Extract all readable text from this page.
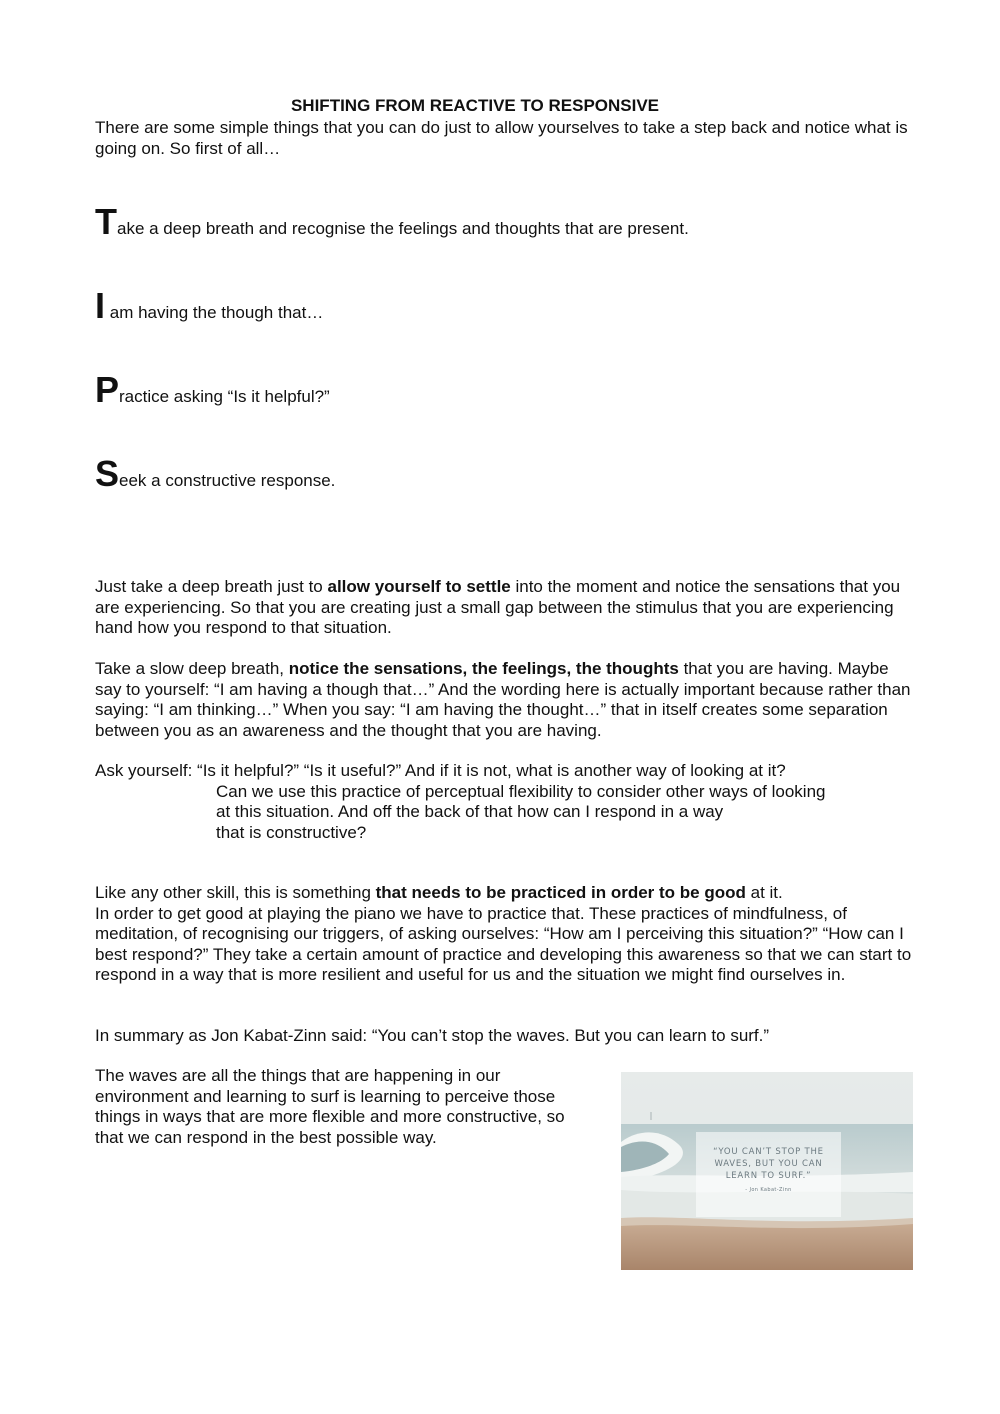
SHIFTING FROM REACTIVE TO RESPONSIVE
There are some simple things that you can do just to allow yourselves to take a step back and notice what is going on. So first of all…
Take a deep breath and recognise the feelings and thoughts that are present.
I am having the though that…
Practice asking “Is it helpful?”
Seek a constructive response.
Just take a deep breath just to allow yourself to settle into the moment and notice the sensations that you are experiencing. So that you are creating just a small gap between the stimulus that you are experiencing hand how you respond to that situation.
Take a slow deep breath, notice the sensations, the feelings, the thoughts that you are having. Maybe say to yourself: “I am having a though that…” And the wording here is actually important because rather than saying: “I am thinking…” When you say: “I am having the thought…” that in itself creates some separation between you as an awareness and the thought that you are having.
Ask yourself: “Is it helpful?” “Is it useful?” And if it is not, what is another way of looking at it?
Can we use this practice of perceptual flexibility to consider other ways of looking
at this situation. And off the back of that how can I respond in a way
that is constructive?
Like any other skill, this is something that needs to be practiced in order to be good at it.
In order to get good at playing the piano we have to practice that. These practices of mindfulness, of meditation, of recognising our triggers, of asking ourselves: “How am I perceiving this situation?” “How can I best respond?” They take a certain amount of practice and developing this awareness so that we can start to respond in a way that is more resilient and useful for us and the situation we might find ourselves in.
In summary as Jon Kabat-Zinn said: “You can’t stop the waves. But you can learn to surf.”
The waves are all the things that are happening in our environment and learning to surf is learning to perceive those things in ways that are more flexible and more constructive, so that we can respond in the best possible way.
“YOU CAN’T STOP THE WAVES, BUT YOU CAN LEARN TO SURF.”
- Jon Kabat-Zinn
